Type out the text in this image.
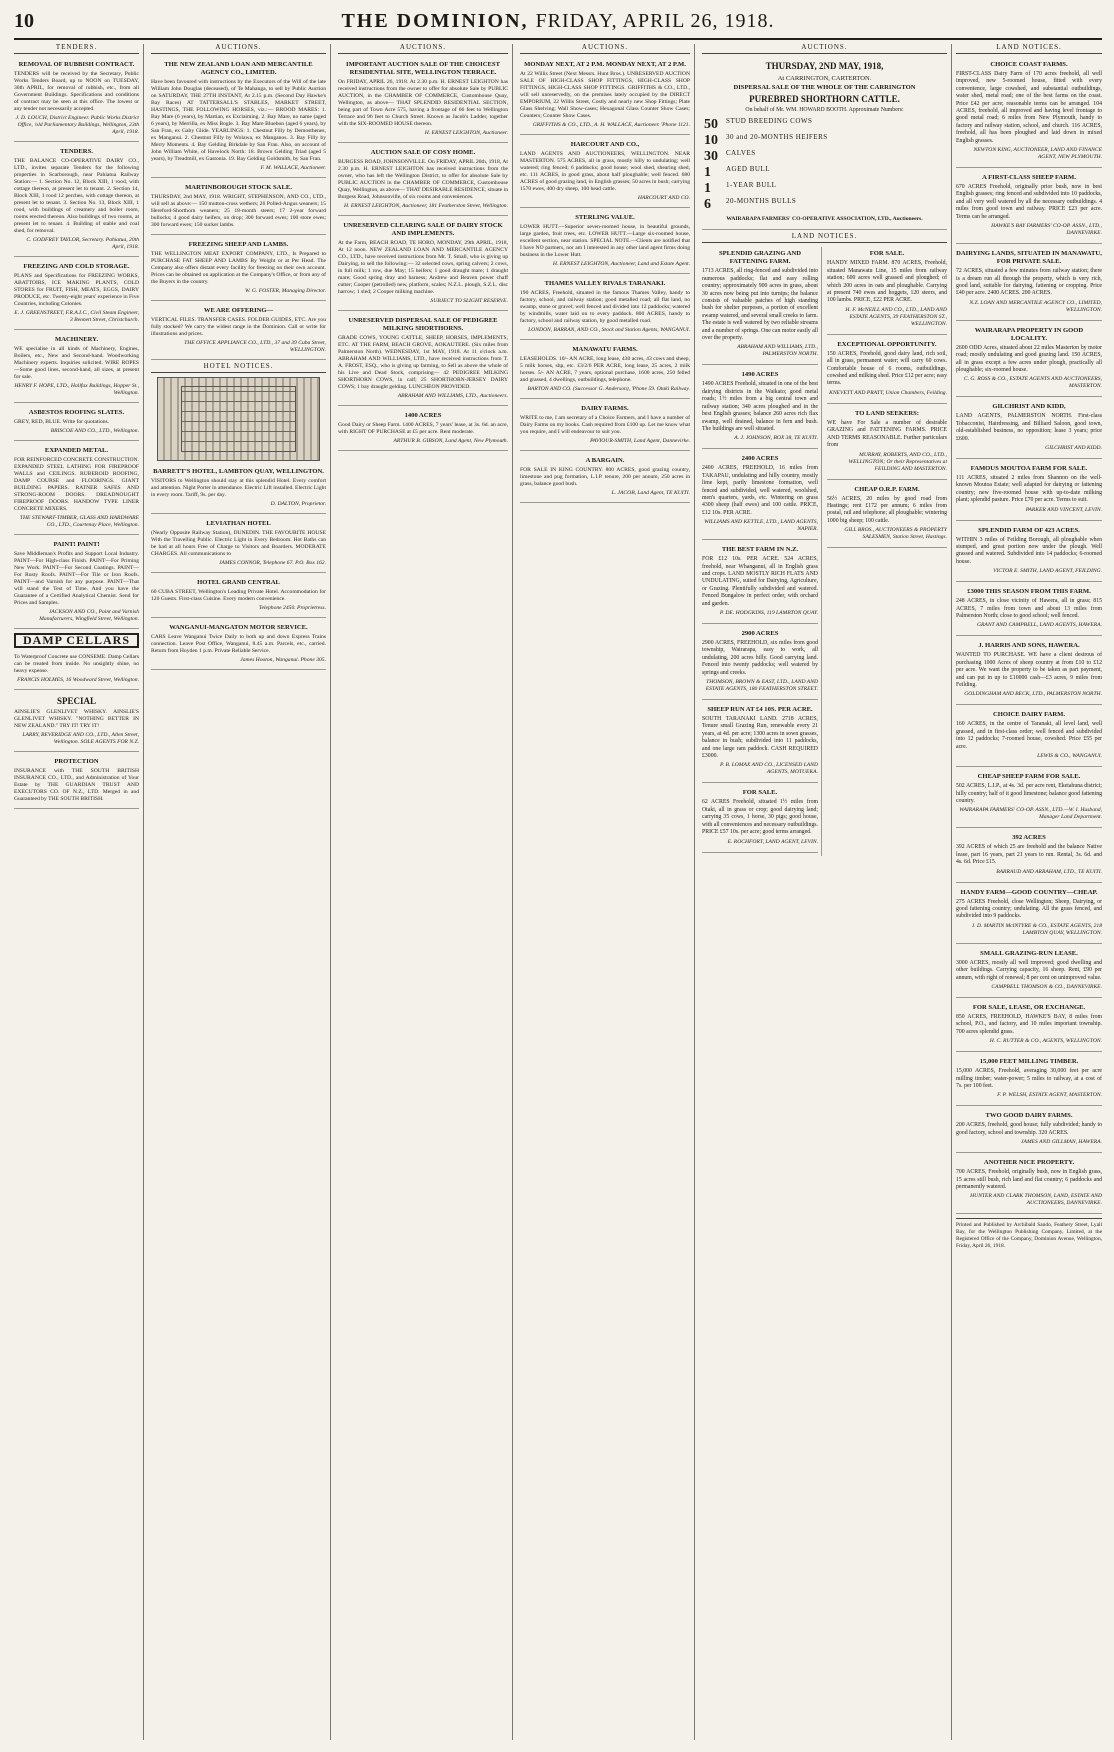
10	THE DOMINION, FRIDAY, APRIL 26, 1918.
TENDERS.
REMOVAL OF RUBBISH CONTRACT.
TENDERS will be received by the Secretary, Public Works Tenders Board, up to NOON on TUESDAY, 30th APRIL, for removal of rubbish, etc., from all Government Buildings. Specifications and conditions of contract may be seen at this office. The lowest or any tender not necessarily accepted.
J. D. LOUCH, District Engineer. Public Works District Office, 'old Parliamentary Buildings, Wellington, 23th April, 1918.
TENDERS.
THE BALANCE CO-OPERATIVE DAIRY CO., LTD., invites separate Tenders for the following properties in Scarborough, near Pahiatua Railway Station:— 1. Section No. 12, Block XIII, 1 rood, with cottage thereon, at present let to tenant. 2. Section 14, Block XIII, 1 rood 12 perches, with cottage thereon, at present let to tenant. 3. Section No. 13, Block XIII, 1 rood, with buildings of creamery and boiler room, rooms erected thereon. Also buildings of two rooms, at present let to tenant. 4. Building of stable and coal shed, for removal.
C. GODFREY TAYLOR, Secretary. Pahiatua, 20th April, 1918.
FREEZING AND COLD STORAGE.
PLANS and Specifications for FREEZING WORKS, ABATTOIRS, ICE MAKING PLANTS, COLD STORES for FRUIT, FISH, MEATS, EGGS, DAIRY PRODUCE, etc. Twenty-eight years' experience in Five Countries, including Colonies.
E. J. GREENSTREET, F.R.A.I.C., Civil Steam Engineer, 3 Bennett Street, Christchurch.
MACHINERY.
WE specialise in all kinds of Machinery, Engines, Boilers, etc., New and Second-hand. Woodworking Machinery experts. Inquiries solicited. WIRE ROPES—Some good lines, second-hand, all sizes, at present for sale.
HENRY F. HOPE, LTD., Hallfax Buildings, Hopper St., Wellington.
ASBESTOS ROOFING SLATES.
GREY, RED, BLUE. Write for quotations.
BRISCOE AND CO., LTD., Wellington.
EXPANDED METAL.
FOR REINFORCED CONCRETE CONSTRUCTION. EXPANDED STEEL LATHING FOR FIREPROOF WALLS and CEILINGS. RUBEROID ROOFING, DAMP COURSE and FLOORINGS. GIANT BUILDING PAPERS. RATNER SAFES AND STRONG-ROOM DOORS. DREADNOUGHT FIREPROOF DOORS. HANDOW TYPE LINER CONCRETE MIXERS.
THE STEWART-TIMBER, GLASS AND HARDWARE CO., LTD., Courtenay Place, Wellington.
PAINT! PAINT!
Save Middleman's Profits and Support Local Industry. PAINT—For High-class Finish. PAINT—For Priming New Work. PAINT—For Second Coatings. PAINT—For Rusty Roofs. PAINT—For Tile or Iron Roofs. PAINT—and Varnish for any purpose. PAINT—That will stand the Test of Time. And you have the Guarantee of a Certified Analytical Chemist. Send for Prices and Samples.
JACKSON AND CO., Paint and Varnish Manufacturers, Wingfield Street, Wellington.
DAMP CELLARS
To Waterproof Concrete use CONSEME. Damp Cellars can be treated from inside. No unsightly shine, no heavy expense.
FRANCIS HOLMES, 16 Woodward Street, Wellington.
SPECIAL
AINSLIE'S GLENLIVET WHISKY. AINSLIE'S GLENLIVET WHISKY. "NOTHING BETTER IN NEW ZEALAND." TRY IT! TRY IT!
LARRY, BEVERIDGE AND CO., LTD., Allen Street, Wellington. SOLE AGENTS FOR N.Z.
PROTECTION
INSURANCE with THE SOUTH BRITISH INSURANCE CO., LTD., and Administration of Your Estate by THE GUARDIAN TRUST AND EXECUTORS CO. OF N.Z., LTD. Merged in and Guaranteed by THE SOUTH BRITISH.
AUCTIONS.
THE NEW ZEALAND LOAN AND MERCANTILE AGENCY CO., LIMITED.
Have been favoured with instructions by the Executors of the Will of the late William John Douglas (deceased), of Te Mahanga, to sell by Public Auction on SATURDAY, THE 27TH INSTANT, At 2.15 p.m. (Second Day Hawke's Bay Races) AT TATTERSALL'S STABLES, MARKET STREET, HASTINGS, THE FOLLOWING HORSES, viz.:— BROOD MARES: 1. Bay Mare (6 years), by Martian, ex Exclaiming. 2. Bay Mare, no name (aged 6 years), by Merrilla, ex Miss Bogle. 3. Bay Mare Bluebon (aged 6 years), by San Fran, ex Gaby Glide. YEARLINGS: 1. Chestnut Filly by Demosthenes, ex Manganui. 2. Chestnut Filly by Wolawa, ex Manganos. 3. Bay Filly by Merry Moments. 4. Bay Gelding Birkdale by San Fran. Also, on account of John William White, of Havelock North: 18. Brown Gelding Triad (aged 5 years), by Treadmill, ex Gastonia. 19. Bay Gelding Goldsmith, by San Fran.
F. M. WALLACE, Auctioneer.
MARTINBOROUGH STOCK SALE.
THURSDAY, 2nd MAY, 1918. WRIGHT, STEPHENSON, AND CO., LTD., will sell as above:— 150 mutton-cross wethers; 26 Polled-Angus weaners; 15 Hereford-Shorthorn weaners; 25 18-month steers; 17 2-year forward bullocks; 4 good dairy heifers, on drop; 300 forward ewes; 100 store ewes; 300 forward ewes; 150 sucker lambs.
FREEZING SHEEP AND LAMBS.
THE WELLINGTON MEAT EXPORT COMPANY, LTD., Is Prepared to PURCHASE FAT SHEEP AND LAMBS By Weight or at Per Head. The Company also offers distant every facility for freezing on their own account. Prices can be obtained on application at the Company's Office, or from any of the Buyers in the country.
W. G. FOSTER, Managing Director.
WE ARE OFFERING—
VERTICAL FILES. TRANSFER CASES. FOLDER GUIDES, ETC. Are you fully stocked? We carry the widest range in the Dominion. Call or write for illustrations and prices.
THE OFFICE APPLIANCE CO., LTD., 37 and 39 Cuba Street, WELLINGTON.
HOTEL NOTICES.
BARRETT'S HOTEL, LAMBTON QUAY, WELLINGTON.
VISITORS to Wellington should stay at this splendid Hotel. Every comfort and attention. Night Porter in attendance. Electric Lift installed. Electric Light in every room. Tariff, 9s. per day.
D. DALTON, Proprietor.
LEVIATHAN HOTEL
(Nearly Opposite Railway Station), DUNEDIN. THE FAVOURITE HOUSE With the Travelling Public. Electric Light in Every Bedroom. Hot Baths can be had at all hours Free of Charge to Visitors and Boarders. MODERATE CHARGES. All communications to
JAMES CONNOR, Telephone 67. P.O. Box 162.
HOTEL GRAND CENTRAL
60 CUBA STREET, Wellington's Leading Private Hotel. Accommodation for 120 Guests. First-class Cuisine. Every modern convenience.
Telephone 2450. Proprietress.
WANGANUI-MANGATON MOTOR SERVICE.
CARS Leave Wanganui Twice Daily to both up and down Express Trains connection. Leave Post Office, Wanganui, 8.45 a.m. Parcels, etc., carried. Return from Hoyden 1 p.m. Private Reliable Service.
James Hooton, Wanganui. Phone 305.
AUCTIONS.
IMPORTANT AUCTION SALE OF THE CHOICEST RESIDENTIAL SITE, WELLINGTON TERRACE.
On FRIDAY, APRIL 26, 1918. At 2.30 p.m. H. ERNEST LEIGHTON has received instructions from the owner to offer for absolute Sale by PUBLIC AUCTION, in the CHAMBER OF COMMERCE, Customhouse Quay, Wellington, as above— THAT SPLENDID RESIDENTIAL SECTION, being part of Town Acre 575, having a frontage of 66 feet to Wellington Terrace and 96 feet to Church Street. Known as Jacob's Ladder, together with the SIX-ROOMED HOUSE thereon.
H. ERNEST LEIGHTON, Auctioneer.
AUCTION SALE OF COSY HOME.
BURGESS ROAD, JOHNSONVILLE. On FRIDAY, APRIL 26th, 1918, At 2.30 p.m. H. ERNEST LEIGHTON has received instructions from the owner, who has left the Wellington District, to offer for absolute Sale by PUBLIC AUCTION in the CHAMBER OF COMMERCE, Customhouse Quay, Wellington, as above— THAT DESIRABLE RESIDENCE, situate in Burgess Road, Johnsonville, of six rooms and conveniences.
H. ERNEST LEIGHTON, Auctioneer, 181 Featherston Street, Wellington.
UNRESERVED CLEARING SALE OF DAIRY STOCK AND IMPLEMENTS.
At the Farm, BEACH ROAD, TE HORO, MONDAY, 29th APRIL, 1918, At 12 noon. NEW ZEALAND LOAN AND MERCANTILE AGENCY CO., LTD., have received instructions from Mr. T. Small, who is giving up Dairying, to sell the following:— 32 selected cows, spring calvers; 2 cows, in full milk; 1 row, due May; 15 heifers; 1 good draught mare; 1 draught mare; Good spring dray and harness; Andrew and Beaven power chaff cutter; Cooper (petrolled) new, platform, scales; N.Z.L. plough, S.Z.L. disc harrow; 1 sled; 2 Cooper milking machine.
SUBJECT TO SLIGHT RESERVE.
UNRESERVED DISPERSAL SALE OF PEDIGREE MILKING SHORTHORNS.
GRADE COWS, YOUNG CATTLE, SHEEP, HORSES, IMPLEMENTS, ETC. AT THE FARM, BEACH GROVE, AOKAUTERE. (Six miles from Palmerston North). WEDNESDAY, 1st MAY, 1918. At 11 o'clock a.m. ABRAHAM AND WILLIAMS, LTD., have received instructions from T. A. FROST, ESQ., who is giving up farming, to Sell as above the whole of his Live and Dead Stock, comprising— 42 PEDIGREE MILKING SHORTHORN COWS, in calf; 25 SHORTHORN-JERSEY DAIRY COWS; 1 bay draught gelding. LUNCHEON PROVIDED.
ABRAHAM AND WILLIAMS, LTD., Auctioneers.
1400 ACRES
Good Dairy or Sheep Farm. 1400 ACRES, 7 years' lease, at 3s. 6d. an acre, with RIGHT OF PURCHASE at £5 per acre. Rent moderate.
ARTHUR B. GIBSON, Land Agent, New Plymouth.
AUCTIONS.
MONDAY NEXT, AT 2 P.M. MONDAY NEXT, AT 2 P.M.
At 22 Willis Street (Next Messrs. Hunt Bros.). UNRESERVED AUCTION SALE OF HIGH-CLASS SHOP FITTINGS, HIGH-CLASS SHOP FITTINGS, HIGH-CLASS SHOP FITTINGS. GRIFFITHS & CO., LTD., will sell unreservedly, on the premises lately occupied by the DIRECT EMPORIUM, 22 Willis Street, Costly and nearly new Shop Fittings; Plate Glass Shelving; Wall Show-cases; Hexagonal Glass Counter Show Cases; Counters; Counter Show Cases.
GRIFFITHS & CO., LTD., A. H. WALLACE, Auctioneer. 'Phone 1121.
HARCOURT AND CO.,
LAND AGENTS AND AUCTIONEERS, WELLINGTON. NEAR MASTERTON. 575 ACRES, all in grass, mostly hilly to undulating; well watered; ring fenced; 6 paddocks; good house; wool shed, shearing shed, etc. 111 ACRES, in good grass, about half ploughable; well fenced. 680 ACRES of good grazing land, in English grasses; 50 acres in bush; carrying 1570 ewes, 400 dry sheep, 100 head cattle.
HARCOURT AND CO.
STERLING VALUE.
LOWER HUTT.—Superior seven-roomed house, in beautiful grounds, large garden, fruit trees, etc. LOWER HUTT.—Large six-roomed house, excellent section, near station. SPECIAL NOTE.—Clients are notified that I have NO partners, nor am I interested in any other land agent firms doing business in the Lower Hutt.
H. ERNEST LEIGHTON, Auctioneer, Land and Estate Agent.
THAMES VALLEY RIVALS TARANAKI.
190 ACRES, Freehold, situated in the famous Thames Valley, handy to factory, school, and railway station; good metalled road; all flat land, no swamp, stone or gravel; well fenced and divided into 12 paddocks; watered by windmills, water laid on to every paddock. 800 ACRES, handy to factory, school and railway station, by good metalled road.
LONDON, BARRAN, AND CO., Stock and Station Agents, WANGANUI.
MANAWATU FARMS.
LEASEHOLDS. 10/- AN ACRE, long lease, 430 acres, 43 cows and sheep, 5 milk horses, shp, etc. £3/2/6 PER ACRE, long lease, 25 acres, 2 milk horses. 5/- AN ACRE, 7 years, optional purchase, 1600 acres, 250 felled and grassed, 4 dwellings, outbuildings, telephone.
BARTON AND CO. (Successor G. Anderson), 'Phone 59. Otaki Railway.
DAIRY FARMS.
WRITE to me, I am secretary of a Choice Farmers, and I have a number of Dairy Farms on my books. Cash required from £100 up. Let me know what you require, and I will endeavour to suit you.
PAVIOUR-SMITH, Land Agent, Dannevirke.
A BARGAIN.
FOR SALE IN KING COUNTRY. 800 ACRES, good grazing country, limestone and pug formation, L.I.P. tenure, 200 per annum, 250 acres in grass, balance good bush.
L. JACOB, Land Agent, TE KUITI.
AUCTIONS.
THURSDAY, 2ND MAY, 1918,
At CARRINGTON, CARTERTON.
DISPERSAL SALE OF THE WHOLE OF THE CARRINGTON
PUREBRED SHORTHORN CATTLE.
On behalf of Mr. WM. HOWARD BOOTH. Approximate Numbers:
50	STUD BREEDING COWS
10	30 and 20-MONTHS HEIFERS
30	CALVES
1	AGED BULL
1	1-YEAR BULL
6	20-MONTHS BULLS
WAIRARAPA FARMERS' CO-OPERATIVE ASSOCIATION, LTD., Auctioneers.
LAND NOTICES.
SPLENDID GRAZING AND FATTENING FARM.
1713 ACRES, all ring-fenced and subdivided into numerous paddocks; flat and easy rolling country; approximately 900 acres in grass, about 30 acres now being put into turnips; the balance consists of valuable patches of high standing bush for shelter purposes, a portion of excellent swamp watered, and several small creeks to farm. The estate is well watered by two reliable streams and a number of springs. One can motor easily all over the property.
ABRAHAM AND WILLIAMS, LTD., PALMERSTON NORTH.
1490 ACRES
1490 ACRES Freehold, situated in one of the best dairying districts in the Waikato; good metal roads; 1½ miles from a big central town and railway station; 340 acres ploughed and in the best English grasses; balance 260 acres rich flax swamp, well drained, balance in fern and bush. The buildings are well situated.
A. J. JOHNSON, BOX 38, TE KUITI.
2400 ACRES
2400 ACRES, FREEHOLD, 16 miles from TAKAPAU, undulating and hilly country, mostly lime kept, partly limestone formation, well fenced and subdivided, well watered, woolshed, men's quarters, yards, etc. Wintering on grass 4300 sheep (half ewes) and 100 cattle. PRICE, £12 10s. PER ACRE.
WILLIAMS AND KETTLE, LTD., LAND AGENTS, NAPIER.
THE BEST FARM IN N.Z.
FOR £12 10s. PER ACRE. 524 ACRES, freehold, near Whanganui, all in English grass and crops. LAND MOSTLY RICH FLATS AND UNDULATING, suited for Dairying, Agriculture, or Grazing. Plentifully subdivided and watered. Fenced Bungalow in perfect order, with orchard and garden.
P. DE. HODGKINS, 119 LAMBTON QUAY.
2900 ACRES
2900 ACRES, FREEHOLD, six miles from good township, Wairarapa, easy to work, all undulating, 200 acres hilly. Good carrying land. Fenced into twenty paddocks; well watered by springs and creeks.
THOMSON, BROWN & EAST, LTD., LAND AND ESTATE AGENTS, 180 FEATHERSTON STREET.
SHEEP RUN AT £4 10S. PER ACRE.
SOUTH TARANAKI LAND. 2718 ACRES, Tenure small Grazing Run, renewable every 21 years, at 4d. per acre; 1300 acres in sown grasses, balance in bush; subdivided into 11 paddocks, and one large ram paddock. CASH REQUIRED £3000.
P. B. LOMAX AND CO., LICENSED LAND AGENTS, MOTUEKA.
FOR SALE.
62 ACRES Freehold, situated 1½ miles from Otaki, all in grass or crop; good dairying land; carrying 35 cows, 1 horse, 30 pigs; good house, with all conveniences and necessary outbuildings. PRICE £57 10s. per acre; good terms arranged.
E. ROCHFORT, LAND AGENT, LEVIN.
FOR SALE.
HANDY MIXED FARM. 870 ACRES, Freehold, situated Manawatu Line, 15 miles from railway station; 600 acres well grassed and ploughed; of which 200 acres in oats and ploughable. Carrying at present 740 ewes and hoggets, 120 steers, and 100 lambs. PRICE, £22 PER ACRE.
H. F. McNEILL AND CO., LTD., LAND AND ESTATE AGENTS, 39 FEATHERSTON ST., WELLINGTON.
EXCEPTIONAL OPPORTUNITY.
150 ACRES, Freehold, good dairy land, rich soil, all in grass, permanent water; will carry 60 cows. Comfortable house of 6 rooms, outbuildings, cowshed and milking shed. Price £12 per acre; easy terms.
KNEVETT AND PRATT, Union Chambers, Feilding.
TO LAND SEEKERS:
WE have For Sale a number of desirable GRAZING and FATTENING FARMS. PRICE AND TERMS REASONABLE. Further particulars from
MURRAY, ROBERTS, AND CO., LTD., WELLINGTON; Or their Representatives at FEILDING AND MASTERTON.
CHEAP O.R.P. FARM.
56½ ACRES, 20 miles by good road from Hastings; rent £172 per annum; 6 miles from postal, rail and telephone; all ploughable; wintering 1000 big sheep; 100 cattle.
GILL BROS., AUCTIONEERS & PROPERTY SALESMEN, Station Street, Hastings.
LAND NOTICES.
CHOICE COAST FARMS.
FIRST-CLASS Dairy Farm of 170 acres freehold, all well improved, new 5-roomed house, fitted with every convenience, large cowshed, and substantial outbuildings, water shed, metal road; one of the best farms on the coast. Price £42 per acre; reasonable terms can be arranged. 104 ACRES, freehold, all improved and having level frontage to good metal road; 6 miles from New Plymouth, handy to factory and railway station, school, and church. 116 ACRES, freehold, all has been ploughed and laid down in mixed English grasses.
NEWTON KING, AUCTIONEER, LAND AND FINANCE AGENT, NEW PLYMOUTH.
A FIRST-CLASS SHEEP FARM.
670 ACRES Freehold, originally prior bush, now in best English grasses; ring fenced and subdivided into 10 paddocks, and all very well watered by all the necessary outbuildings. 4 miles from good town and railway. PRICE £23 per acre. Terms can be arranged.
HAWKE'S BAY FARMERS' CO-OP. ASSN., LTD., DANNEVIRKE.
DAIRYING LANDS, SITUATED IN MANAWATU, FOR PRIVATE SALE.
72 ACRES, situated a few minutes from railway station; there is a dream run all through the property, which is very rich, good land, suitable for dairying, fattening or cropping. Price £40 per acre. 2400 ACRES. 200 ACRES.
N.Z. LOAN AND MERCANTILE AGENCY CO., LIMITED, WELLINGTON.
WAIRARAPA PROPERTY IN GOOD LOCALITY.
2600 ODD Acres, situated about 22 miles Masterton by motor road; mostly undulating and good grazing land. 150 ACRES, all in grass except a few acres under plough, practically all ploughable; six-roomed house.
C. G. ROSS & CO., ESTATE AGENTS AND AUCTIONEERS, MASTERTON.
GILCHRIST AND KIDD,
LAND AGENTS, PALMERSTON NORTH. First-class Tobacconist, Hairdressing, and Billiard Saloon, good town, old-established business, no opposition; lease 3 years; price £600.
GILCHRIST AND KIDD.
FAMOUS MOUTOA FARM FOR SALE.
111 ACRES, situated 2 miles from Shannon on the well-known Moutoa Estate; well adapted for dairying or fattening country; new five-roomed house with up-to-date milking plant; splendid pasture. Price £70 per acre. Terms to suit.
PARKER AND VINCENT, LEVIN.
SPLENDID FARM OF 423 ACRES.
WITHIN 3 miles of Feilding Borough, all ploughable when stumped, and great portion now under the plough. Well grassed and watered. Subdivided into 14 paddocks; 6-roomed house.
VICTOR E. SMITH, LAND AGENT, FEILDING.
£3000 THIS SEASON FROM THIS FARM.
248 ACRES, in close vicinity of Hawera, all in grass; 815 ACRES, 7 miles from town and about 13 miles from Palmerston North; close to good school; well fenced.
GRANT AND CAMPBELL, LAND AGENTS, HAWERA.
J. HARRIS AND SONS, HAWERA.
WANTED TO PURCHASE. WE have a client desirous of purchasing 1000 Acres of sheep country at from £10 to £12 per acre. We want the property to be taken as part payment, and can put in up to £10000 cash—£3 acres, 9 miles from Feilding.
GOLDINGHAM AND BECK, LTD., PALMERSTON NORTH.
CHOICE DAIRY FARM.
160 ACRES, in the centre of Taranaki, all level land, well grassed, and in first-class order; well fenced and subdivided into 12 paddocks; 7-roomed house, cowshed. Price £55 per acre.
LEWIS & CO., WANGANUI.
CHEAP SHEEP FARM FOR SALE.
502 ACRES, L.I.P., at 4s. 3d. per acre rent, Eketahuna district; hilly country; half of it good limestone; balance good fattening country.
WAIRARAPA FARMERS' CO-OP. ASSN., LTD.—W. I. Husband, Manager Land Department.
392 ACRES
392 ACRES of which 25 are freehold and the balance Native lease, part 16 years, part 21 years to run. Rental, 3s. 6d. and 4s. 6d. Price £15.
BARRAUD AND ARRAHAM, LTD., TE KUITI.
HANDY FARM—GOOD COUNTRY—CHEAP.
275 ACRES Freehold, close Wellington; Sheep, Dairying, or good fattening country; undulating. All the grass fenced, and subdivided into 9 paddocks.
J. D. MARTIN McINTYRE & CO., ESTATE AGENTS, 218 LAMBTON QUAY, WELLINGTON.
SMALL GRAZING-RUN LEASE.
3000 ACRES, mostly all well improved; good dwelling and other buildings. Carrying capacity, 16 sheep. Rent, £90 per annum, with right of renewal; 8 per cent on unimproved value.
CAMPBELL THOMSON & CO., DANNEVIRKE.
FOR SALE, LEASE, OR EXCHANGE.
850 ACRES, FREEHOLD, HAWKE'S BAY, 8 miles from school, P.O., and factory, and 10 miles important township. 700 acres splendid grass.
H. C. RUTTER & CO., AGENTS, WELLINGTON.
15,000 FEET MILLING TIMBER.
15,000 ACRES, Freehold, averaging 30,000 feet per acre milling timber; water-power; 5 miles to railway, at a cost of 7s. per 100 feet.
F. P. WELSH, ESTATE AGENT, MASTERTON.
TWO GOOD DAIRY FARMS.
200 ACRES, freehold, good house; fully subdivided; handy to good factory, school and township. 320 ACRES.
JAMES AND GILLMAN, HAWERA.
ANOTHER NICE PROPERTY.
700 ACRES, Freehold, originally bush, now in English grass, 15 acres still bush, rich land and flat country; 6 paddocks and permanently watered.
HUNTER AND CLARK THOMSON, LAND, ESTATE AND AUCTIONEERS, DANNEVIRKE.
Printed and Published by Archibald Sando, Feathery Street, Lyall Bay, for the Wellington Publishing Company, Limited, at the Registered Office of the Company, Dominion Avenue, Wellington, Friday, April 26, 1918.
